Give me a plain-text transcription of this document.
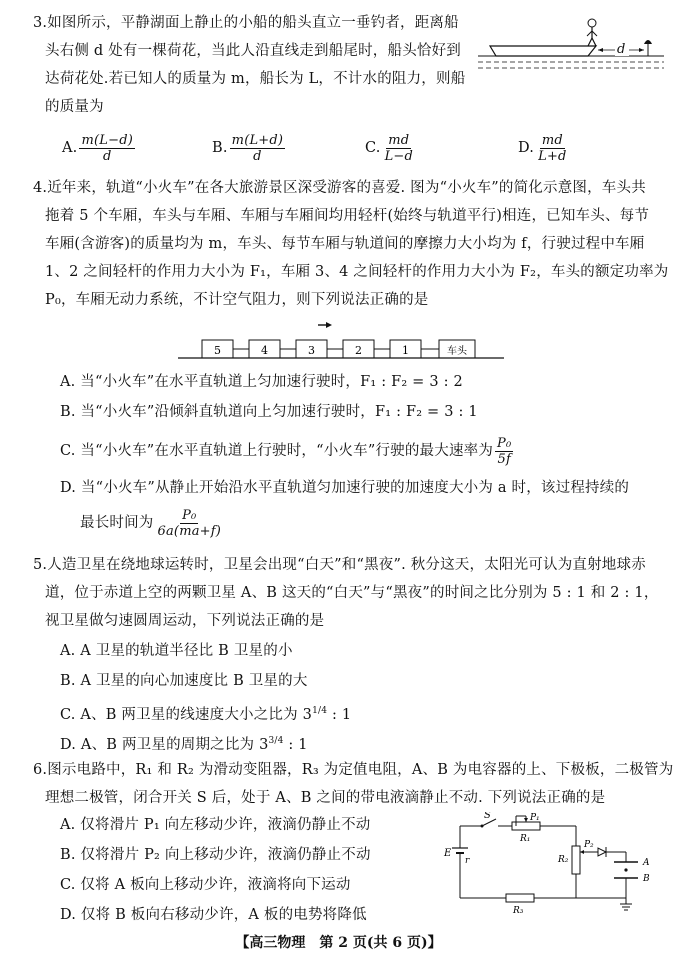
3.如图所示，平静湖面上静止的小船的船头直立一垂钓者，距离船
头右侧 d 处有一棵荷花，当此人沿直线走到船尾时，船头恰好到
达荷花处.若已知人的质量为 m，船长为 L，不计水的阻力，则船
的质量为
d
A. $\frac{m(L-d)}{d}$	B. $\frac{m(L+d)}{d}$	C. $\frac{md}{L-d}$	D. $\frac{md}{L+d}$
4.近年来，轨道“小火车”在各大旅游景区深受游客的喜爱. 图为“小火车”的简化示意图，车头共
拖着 5 个车厢，车头与车厢、车厢与车厢间均用轻杆(始终与轨道平行)相连，已知车头、每节
车厢(含游客)的质量均为 m，车头、每节车厢与轨道间的摩擦力大小均为 f，行驶过程中车厢
1、2 之间轻杆的作用力大小为 F₁，车厢 3、4 之间轻杆的作用力大小为 F₂，车头的额定功率为
P₀，车厢无动力系统，不计空气阻力，则下列说法正确的是
5	4	3	2	1	车头
A. 当“小火车”在水平直轨道上匀加速行驶时，F₁ : F₂ = 3 : 2
B. 当“小火车”沿倾斜直轨道向上匀加速行驶时，F₁ : F₂ = 3 : 1
C. 当“小火车”在水平直轨道上行驶时，“小火车”行驶的最大速率为 $\frac{\text{P₀}}{5f}$
D. 当“小火车”从静止开始沿水平直轨道匀加速行驶的加速度大小为 a 时，该过程持续的
最长时间为 $\frac{\text{P₀}}{6a(ma+f)}$
5.人造卫星在绕地球运转时，卫星会出现“白天”和“黑夜”. 秋分这天，太阳光可认为直射地球赤
道，位于赤道上空的两颗卫星 A、B 这天的“白天”与“黑夜”的时间之比分别为 5 : 1 和 2 : 1，
视卫星做匀速圆周运动，下列说法正确的是
A. A 卫星的轨道半径比 B 卫星的小
B. A 卫星的向心加速度比 B 卫星的大
C. A、B 两卫星的线速度大小之比为 $3^{1/4}$ : 1
D. A、B 两卫星的周期之比为 $3^{3/4}$ : 1
6.图示电路中，R₁ 和 R₂ 为滑动变阻器，R₃ 为定值电阻，A、B 为电容器的上、下极板，二极管为
理想二极管，闭合开关 S 后，处于 A、B 之间的带电液滴静止不动. 下列说法正确的是
A. 仅将滑片 P₁ 向左移动少许，液滴仍静止不动
B. 仅将滑片 P₂ 向上移动少许，液滴仍静止不动
C. 仅将 A 板向上移动少许，液滴将向下运动
D. 仅将 B 板向右移动少许，A 板的电势将降低
E
r
S	P₁
R₁
R₂
P₂
A
B
R₃
【高三物理　第 2 页(共 6 页)】
